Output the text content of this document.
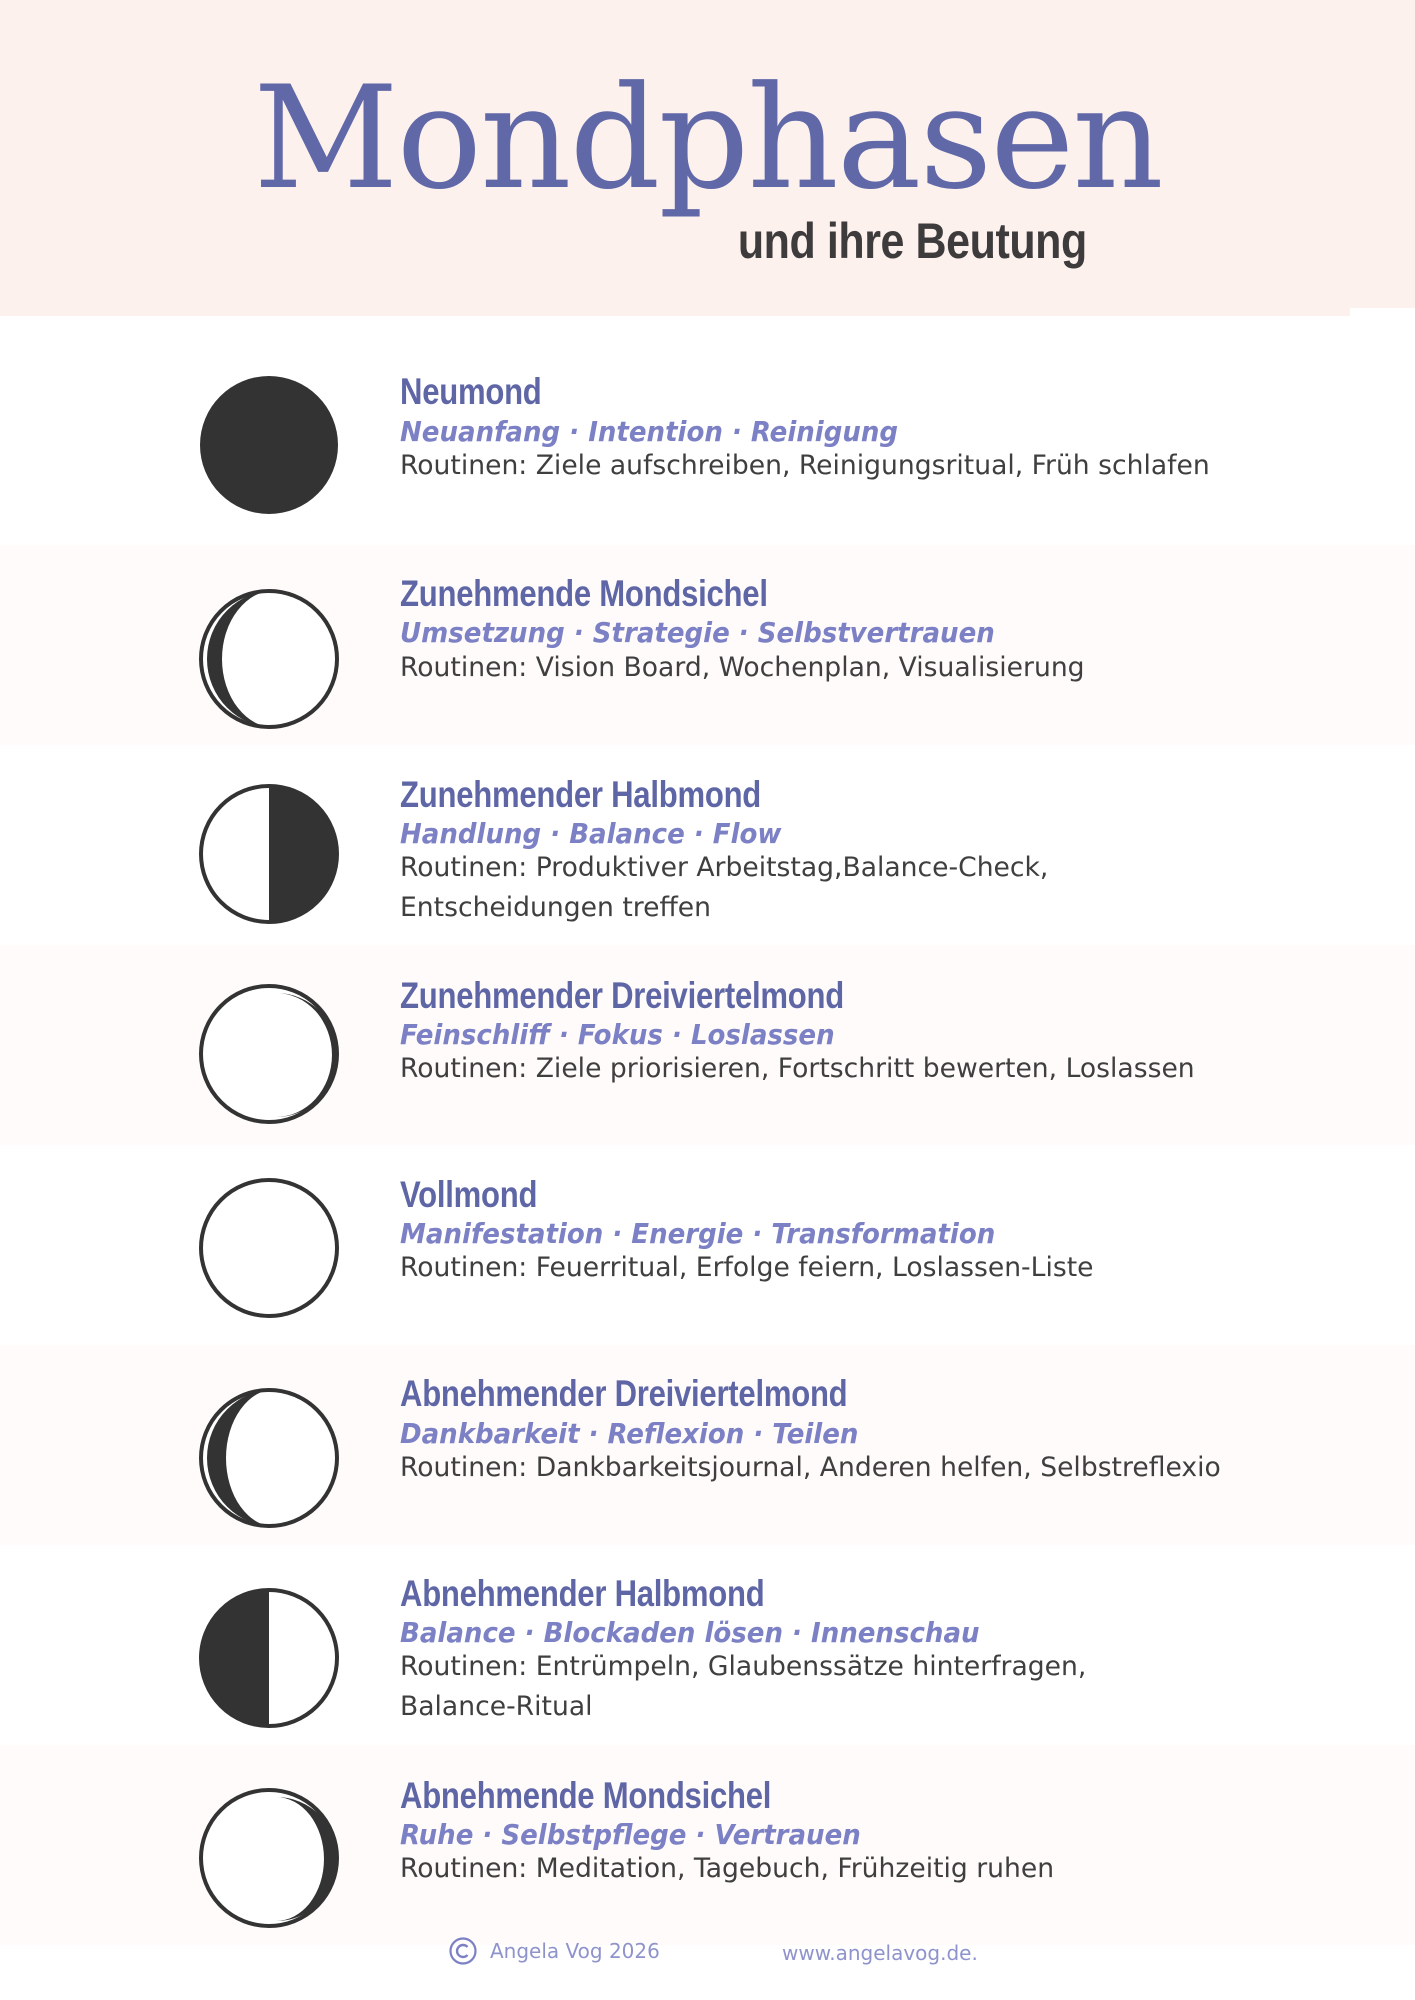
Mondphasen
und ihre Beutung
Neumond
Neuanfang · Intention · Reinigung
Routinen: Ziele aufschreiben, Reinigungsritual, Früh schlafen
Zunehmende Mondsichel
Umsetzung · Strategie · Selbstvertrauen
Routinen: Vision Board, Wochenplan, Visualisierung
Zunehmender Halbmond
Handlung · Balance · Flow
Routinen: Produktiver Arbeitstag,Balance-Check,
Entscheidungen treffen
Zunehmender Dreiviertelmond
Feinschliff · Fokus · Loslassen
Routinen: Ziele priorisieren, Fortschritt bewerten, Loslassen
Vollmond
Manifestation · Energie · Transformation
Routinen: Feuerritual, Erfolge feiern, Loslassen-Liste
Abnehmender Dreiviertelmond
Dankbarkeit · Reflexion · Teilen
Routinen: Dankbarkeitsjournal, Anderen helfen, Selbstreflexio
Abnehmender Halbmond
Balance · Blockaden lösen · Innenschau
Routinen: Entrümpeln, Glaubenssätze hinterfragen,
Balance-Ritual
Abnehmende Mondsichel
Ruhe · Selbstpflege · Vertrauen
Routinen: Meditation, Tagebuch, Frühzeitig ruhen
Angela Vog 2026	www.angelavog.de.
